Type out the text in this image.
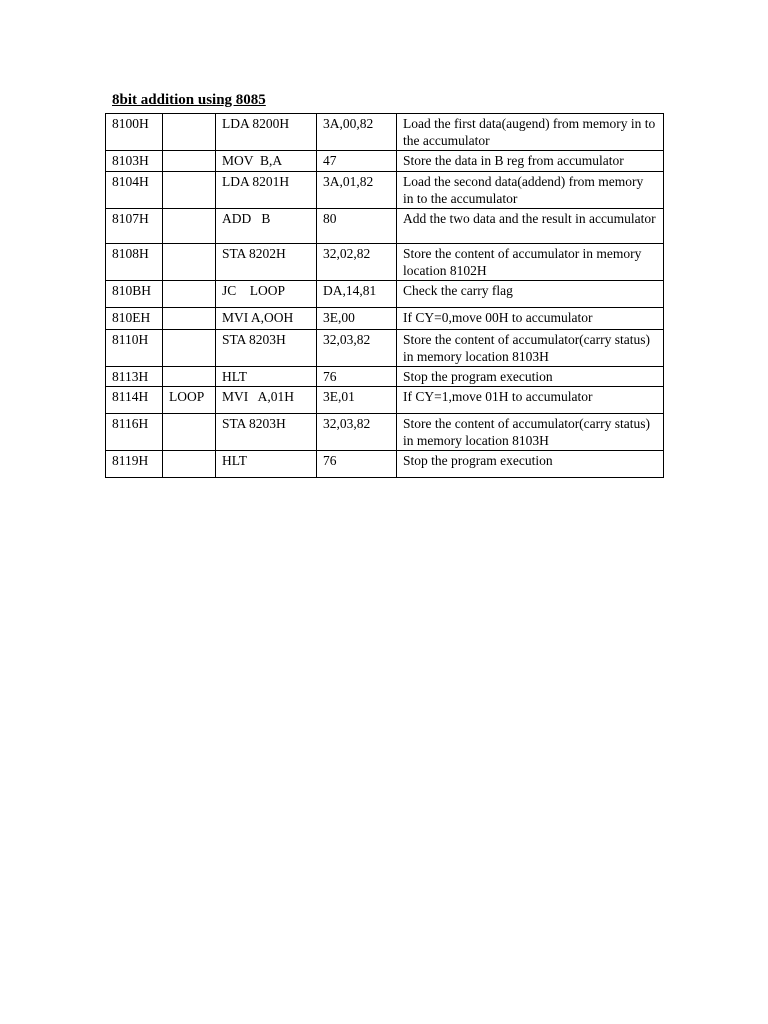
8bit addition using 8085
8100H		LDA 8200H	3A,00,82	Load the first data(augend) from memory in to the accumulator
8103H		MOV  B,A	47	Store the data in B reg from accumulator
8104H		LDA 8201H	3A,01,82	Load the second data(addend) from memory in to the accumulator
8107H		ADD   B	80	Add the two data and the result in accumulator
8108H		STA 8202H	32,02,82	Store the content of accumulator in memory location 8102H
810BH		JC    LOOP	DA,14,81	Check the carry flag
810EH		MVI A,OOH	3E,00	If CY=0,move 00H to accumulator
8110H		STA 8203H	32,03,82	Store the content of accumulator(carry status) in memory location 8103H
8113H		HLT	76	Stop the program execution
8114H	LOOP	MVI   A,01H	3E,01	If CY=1,move 01H to accumulator
8116H		STA 8203H	32,03,82	Store the content of accumulator(carry status) in memory location 8103H
8119H		HLT	76	Stop the program execution
